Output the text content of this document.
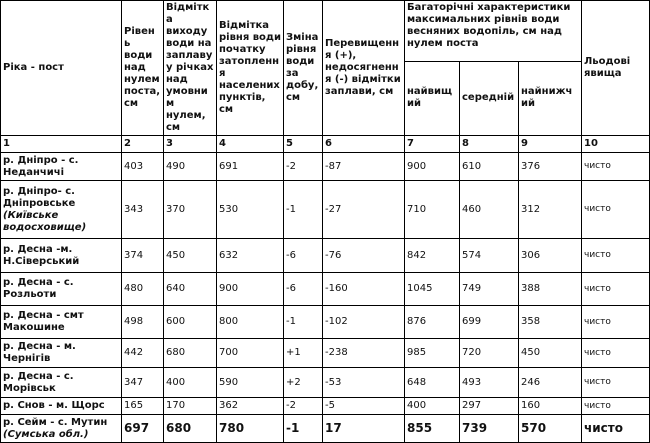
Ріка - пост	Рівень води над нулем поста, см	Відмітка виходу води на заплаву у річках над умовним нулем, см	Відмітка рівня води початку затоплення населених пунктів, см	Зміна рівня води за добу, см	Перевищення (+), недосягнення (-) відмітки заплави, см	Багаторічні характеристики максимальних рівнів води весняних водопіль, см над нулем поста			Льодові явища
						найвищий	середній	найнижчий	
1	2	3	4	5	6	7	8	9	10
р. Дніпро - с. Неданчичі	403	490	691	-2	-87	900	610	376	чисто
р. Дніпро- с. Дніпровське
(Київське водосховище)	343	370	530	-1	-27	710	460	312	чисто
р. Десна -м. Н.Сіверський	374	450	632	-6	-76	842	574	306	чисто
р. Десна - с. Розльоти	480	640	900	-6	-160	1045	749	388	чисто
р. Десна - смт Макошине	498	600	800	-1	-102	876	699	358	чисто
р. Десна - м. Чернігів	442	680	700	+1	-238	985	720	450	чисто
р. Десна - с. Морівськ	347	400	590	+2	-53	648	493	246	чисто
р. Снов - м. Щорс	165	170	362	-2	-5	400	297	160	чисто
р. Сейм - с. Мутин
(Сумська обл.)	697	680	780	-1	17	855	739	570	чисто
